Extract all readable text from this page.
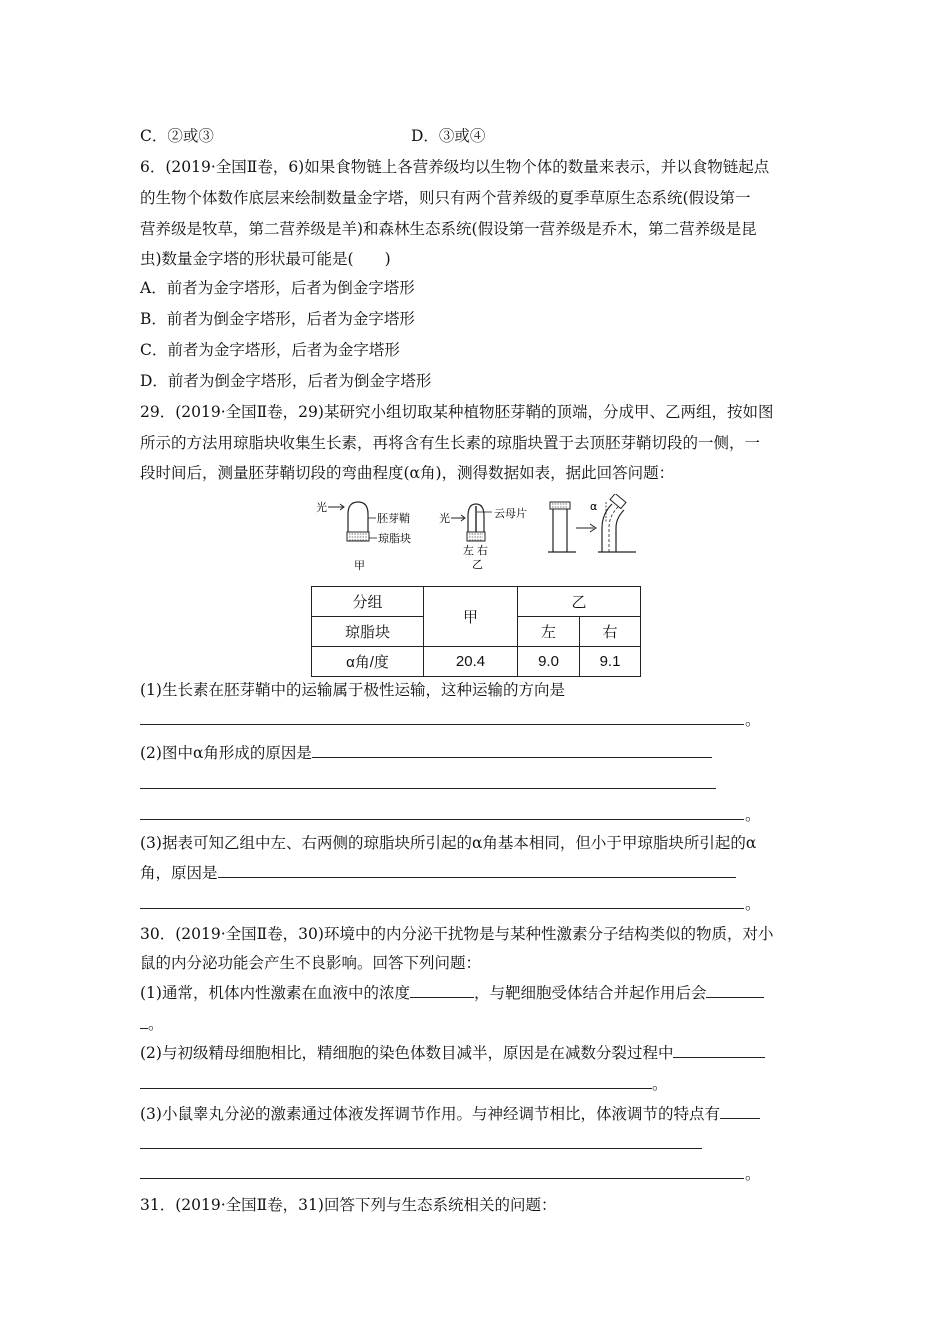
C．②或③	D．③或④
6．(2019·全国Ⅱ卷，6)如果食物链上各营养级均以生物个体的数量来表示，并以食物链起点
的生物个体数作底层来绘制数量金字塔，则只有两个营养级的夏季草原生态系统(假设第一
营养级是牧草，第二营养级是羊)和森林生态系统(假设第一营养级是乔木，第二营养级是昆
虫)数量金字塔的形状最可能是(　　)
A．前者为金字塔形，后者为倒金字塔形
B．前者为倒金字塔形，后者为金字塔形
C．前者为金字塔形，后者为金字塔形
D．前者为倒金字塔形，后者为倒金字塔形
29．(2019·全国Ⅱ卷，29)某研究小组切取某种植物胚芽鞘的顶端，分成甲、乙两组，按如图
所示的方法用琼脂块收集生长素，再将含有生长素的琼脂块置于去顶胚芽鞘切段的一侧，一
段时间后，测量胚芽鞘切段的弯曲程度(α角)，测得数据如表，据此回答问题：
光
胚芽鞘
琼脂块
甲
光	云母片
左 右
乙
α
分组	甲	乙	
琼脂块		左	右
α角/度	20.4	9.0	9.1
(1)生长素在胚芽鞘中的运输属于极性运输，这种运输的方向是
。
(2)图中α角形成的原因是
。
(3)据表可知乙组中左、右两侧的琼脂块所引起的α角基本相同，但小于甲琼脂块所引起的α
角，原因是
。
30．(2019·全国Ⅱ卷，30)环境中的内分泌干扰物是与某种性激素分子结构类似的物质，对小
鼠的内分泌功能会产生不良影响。回答下列问题：
(1)通常，机体内性激素在血液中的浓度	，与靶细胞受体结合并起作用后会
。
(2)与初级精母细胞相比，精细胞的染色体数目减半，原因是在减数分裂过程中
。
(3)小鼠睾丸分泌的激素通过体液发挥调节作用。与神经调节相比，体液调节的特点有
。
31．(2019·全国Ⅱ卷，31)回答下列与生态系统相关的问题：
